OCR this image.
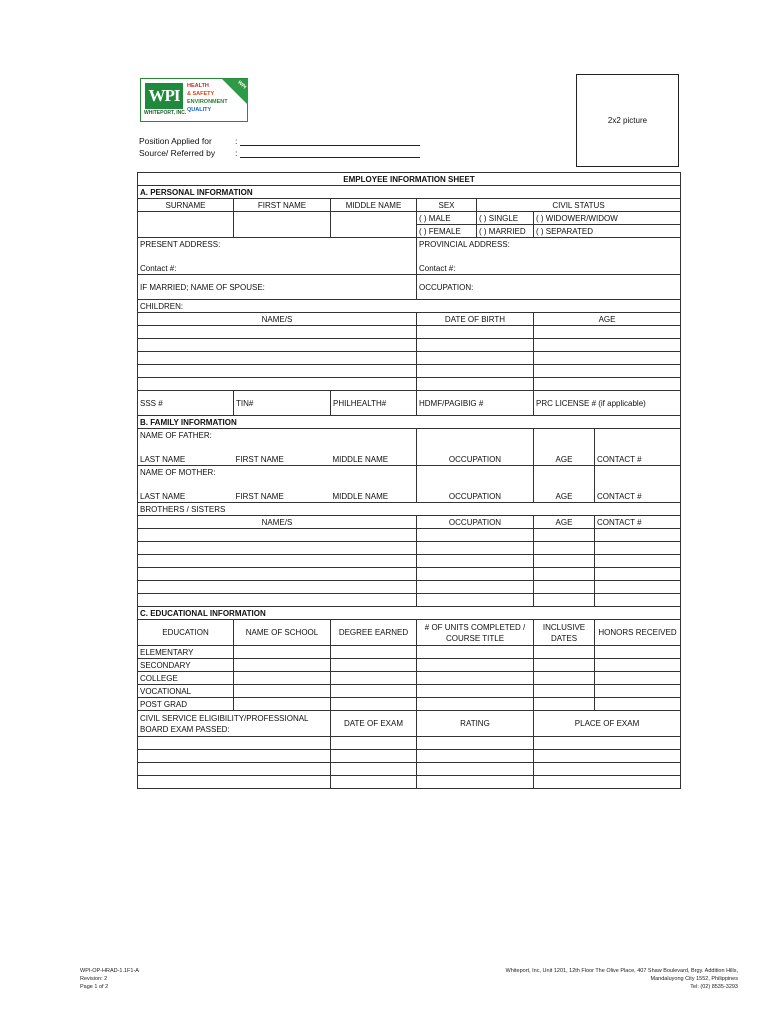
WPI
WHITEPORT, INC.
HEALTH
& SAFETY
ENVIRONMENT
QUALITY
WPI
Position Applied for	:
Source/ Referred by :
2x2 picture
EMPLOYEE INFORMATION SHEET						
A. PERSONAL INFORMATION						
SURNAME	FIRST NAME	MIDDLE NAME	SEX	CIVIL STATUS		
			( ) MALE	( ) SINGLE	( ) WIDOWER/WIDOW	
			( ) FEMALE	( ) MARRIED	( ) SEPARATED	
PRESENT ADDRESS:			PROVINCIAL ADDRESS:			

Contact #:			Contact #:			
IF MARRIED; NAME OF SPOUSE:			OCCUPATION:			
CHILDREN:						
NAME/S			DATE OF BIRTH		AGE	

SSS #	TIN#	PHILHEALTH#	HDMF/PAGIBIG #		PRC LICENSE # (if applicable)	
B. FAMILY INFORMATION						
NAME OF FATHER:			OCCUPATION		AGE	CONTACT #

LAST NAME	FIRST NAME	MIDDLE NAME				
NAME OF MOTHER:			OCCUPATION		AGE	CONTACT #

LAST NAME	FIRST NAME	MIDDLE NAME				
BROTHERS / SISTERS						
NAME/S			OCCUPATION		AGE	CONTACT #

C. EDUCATIONAL INFORMATION						
EDUCATION	NAME OF SCHOOL	DEGREE EARNED	# OF UNITS COMPLETED / COURSE TITLE		INCLUSIVE DATES	HONORS RECEIVED
ELEMENTARY						
SECONDARY						
COLLEGE						
VOCATIONAL						
POST GRAD						
CIVIL SERVICE ELIGIBILITY/PROFESSIONAL BOARD EXAM PASSED:		DATE OF EXAM	RATING		PLACE OF EXAM	

WPI-OP-HRAD-1.1F1-A
Revision: 2
Page 1 of 2
Whiteport, Inc, Unit 1201, 12th Floor The Olive Place, 407 Shaw Boulevard, Brgy. Addition Hills,
Mandaluyong City 1552, Philippines
Tel: (02) 8535-3293
